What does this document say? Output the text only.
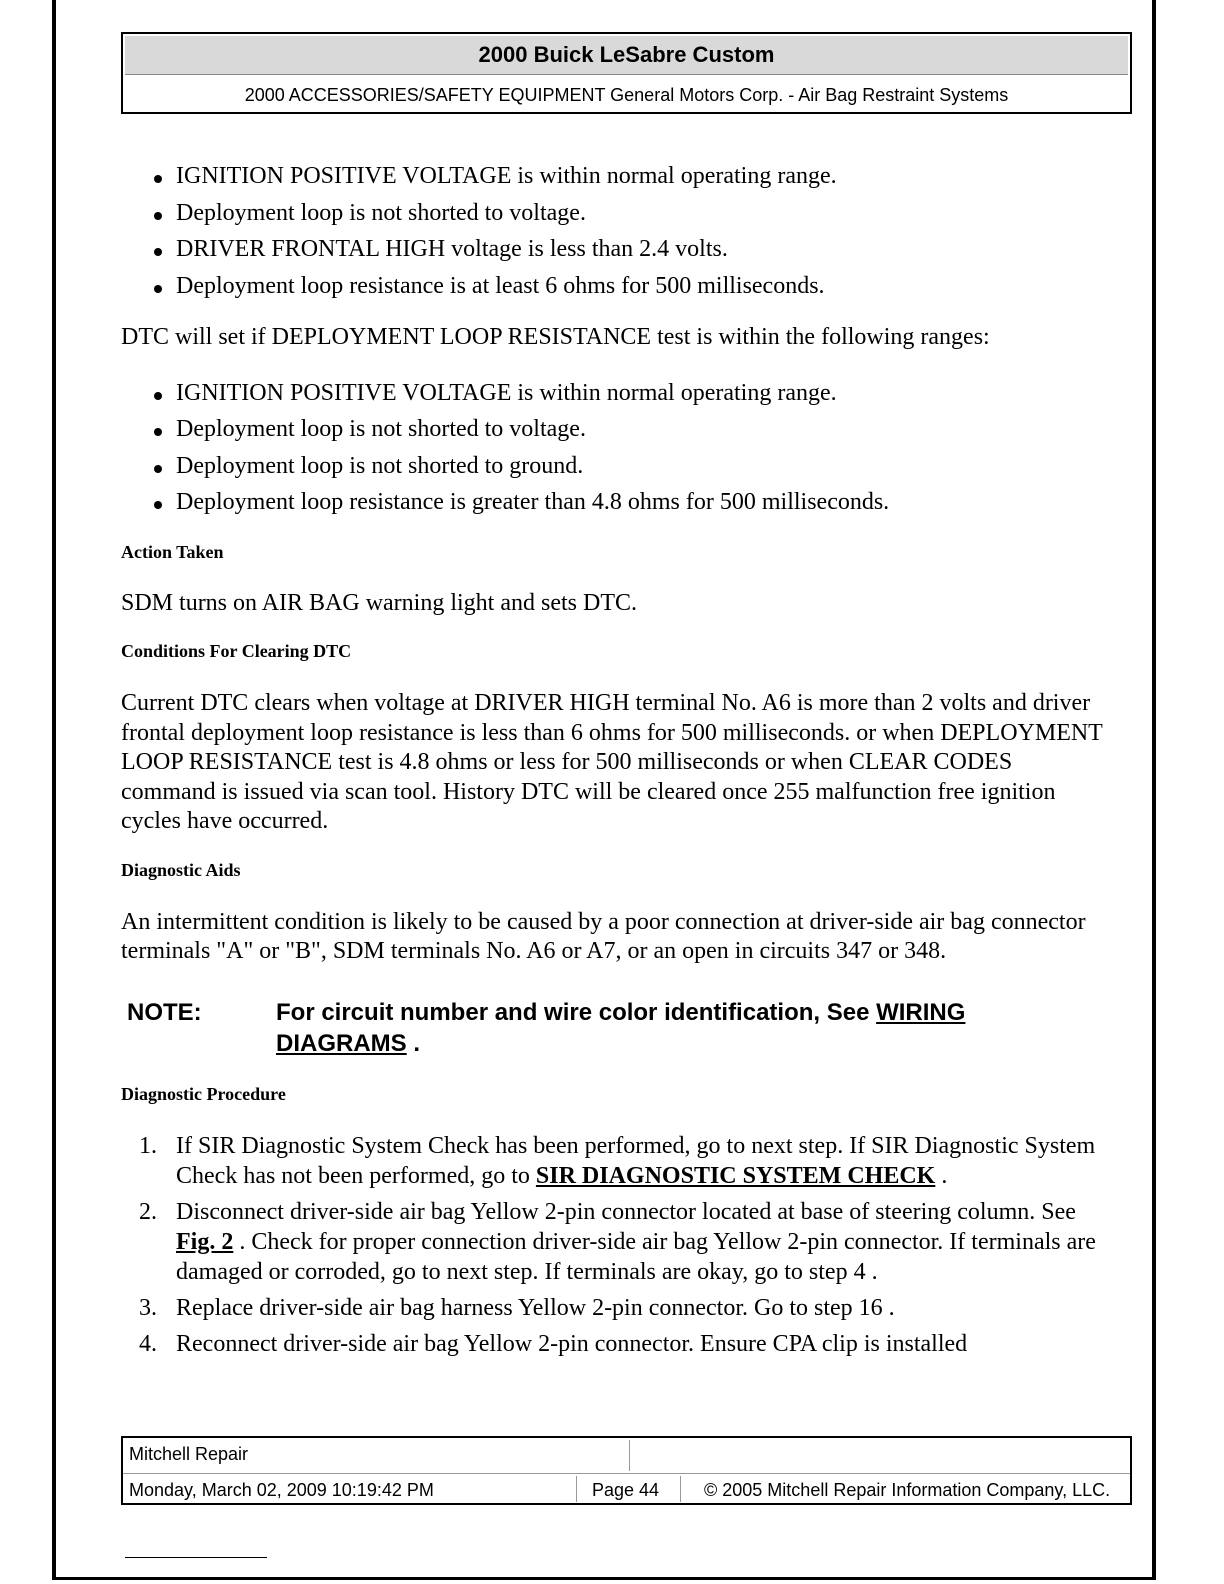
2000 Buick LeSabre Custom
2000 ACCESSORIES/SAFETY EQUIPMENT General Motors Corp. - Air Bag Restraint Systems
IGNITION POSITIVE VOLTAGE is within normal operating range.
Deployment loop is not shorted to voltage.
DRIVER FRONTAL HIGH voltage is less than 2.4 volts.
Deployment loop resistance is at least 6 ohms for 500 milliseconds.

DTC will set if DEPLOYMENT LOOP RESISTANCE test is within the following ranges:

IGNITION POSITIVE VOLTAGE is within normal operating range.
Deployment loop is not shorted to voltage.
Deployment loop is not shorted to ground.
Deployment loop resistance is greater than 4.8 ohms for 500 milliseconds.

Action Taken

SDM turns on AIR BAG warning light and sets DTC.

Conditions For Clearing DTC

Current DTC clears when voltage at DRIVER HIGH terminal No. A6 is more than 2 volts and driver frontal deployment loop resistance is less than 6 ohms for 500 milliseconds. or when DEPLOYMENT LOOP RESISTANCE test is 4.8 ohms or less for 500 milliseconds or when CLEAR CODES command is issued via scan tool. History DTC will be cleared once 255 malfunction free ignition cycles have occurred.

Diagnostic Aids

An intermittent condition is likely to be caused by a poor connection at driver-side air bag connector terminals "A" or "B", SDM terminals No. A6 or A7, or an open in circuits 347 or 348.

NOTE:	For circuit number and wire color identification, See WIRING DIAGRAMS .

Diagnostic Procedure

1. If SIR Diagnostic System Check has been performed, go to next step. If SIR Diagnostic System Check has not been performed, go to SIR DIAGNOSTIC SYSTEM CHECK .
2. Disconnect driver-side air bag Yellow 2-pin connector located at base of steering column. See Fig. 2 . Check for proper connection driver-side air bag Yellow 2-pin connector. If terminals are damaged or corroded, go to next step. If terminals are okay, go to step 4 .
3. Replace driver-side air bag harness Yellow 2-pin connector. Go to step 16 .
4. Reconnect driver-side air bag Yellow 2-pin connector. Ensure CPA clip is installed
Mitchell Repair
Monday, March 02, 2009 10:19:42 PM	Page 44	© 2005 Mitchell Repair Information Company, LLC.
